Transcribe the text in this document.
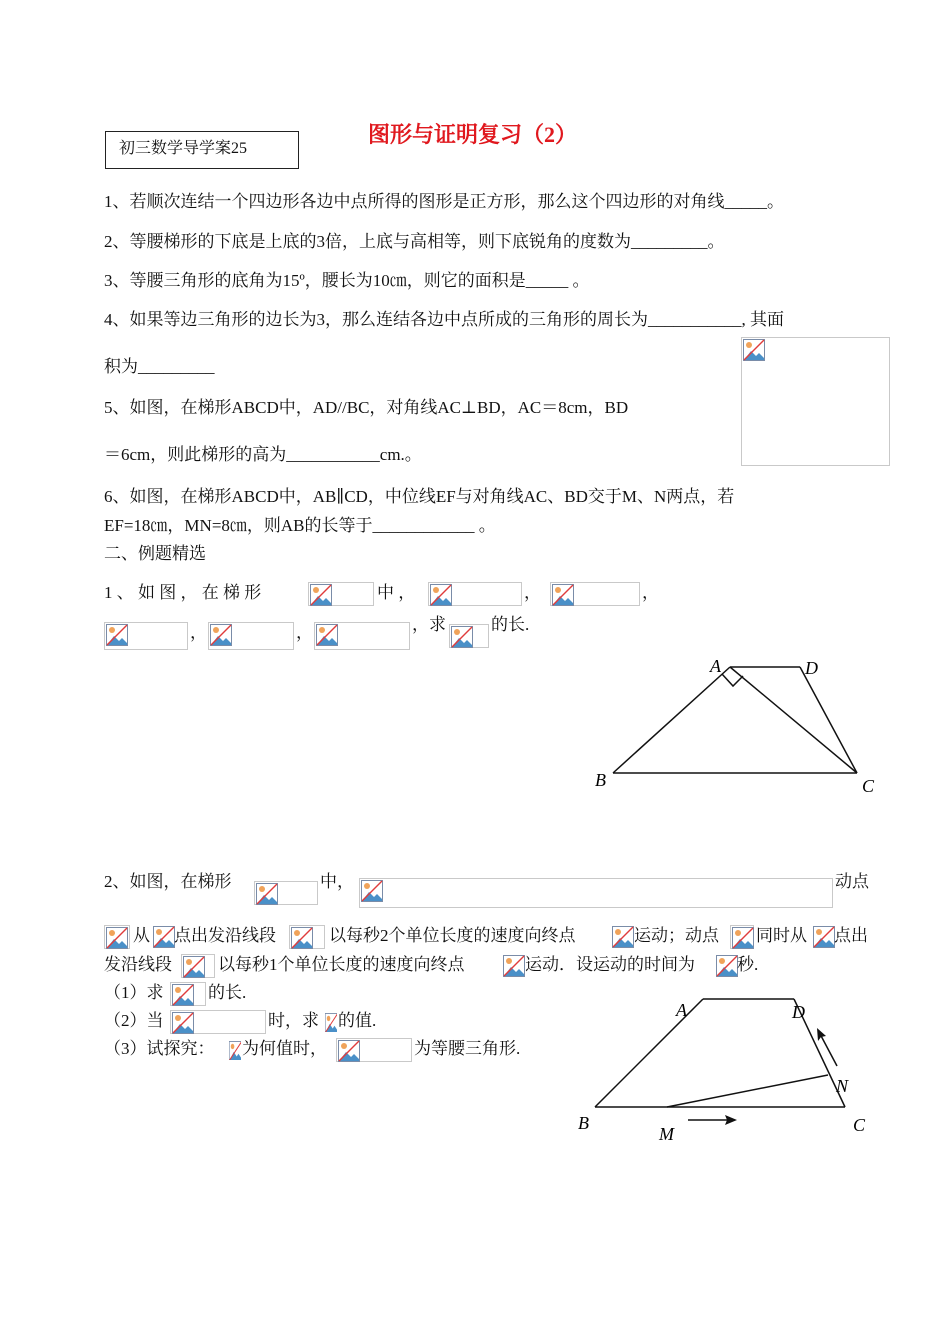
初三数学导学案25
图形与证明复习（2）
1、若顺次连结一个四边形各边中点所得的图形是正方形，那么这个四边形的对角线_____。
2、等腰梯形的下底是上底的3倍，上底与高相等，则下底锐角的度数为_________。
3、等腰三角形的底角为15º，腰长为10㎝，则它的面积是_____ 。
4、如果等边三角形的边长为3，那么连结各边中点所成的三角形的周长为___________, 其面
积为_________
5、如图，在梯形ABCD中，AD//BC，对角线AC⊥BD，AC＝8cm，BD
＝6cm，则此梯形的高为___________cm.。
6、如图，在梯形ABCD中，AB∥CD，中位线EF与对角线AC、BD交于M、N两点，若
EF=18㎝，MN=8㎝，则AB的长等于____________ 。
二、例题精选
1 、 如 图 ， 在 梯 形	中 ，	，	，
，	，	，求	的长.
A	D
B	C
2、如图，在梯形	中，	动点
从 点出发沿线段	以每秒2个单位长度的速度向终点	运动；动点 同时从 点出
发沿线段	以每秒1个单位长度的速度向终点	运动．设运动的时间为 秒.
（1）求	的长.
（2）当	时，求 的值.
（3）试探究： 为何值时，	为等腰三角形.
A	D
N
B
M	C
